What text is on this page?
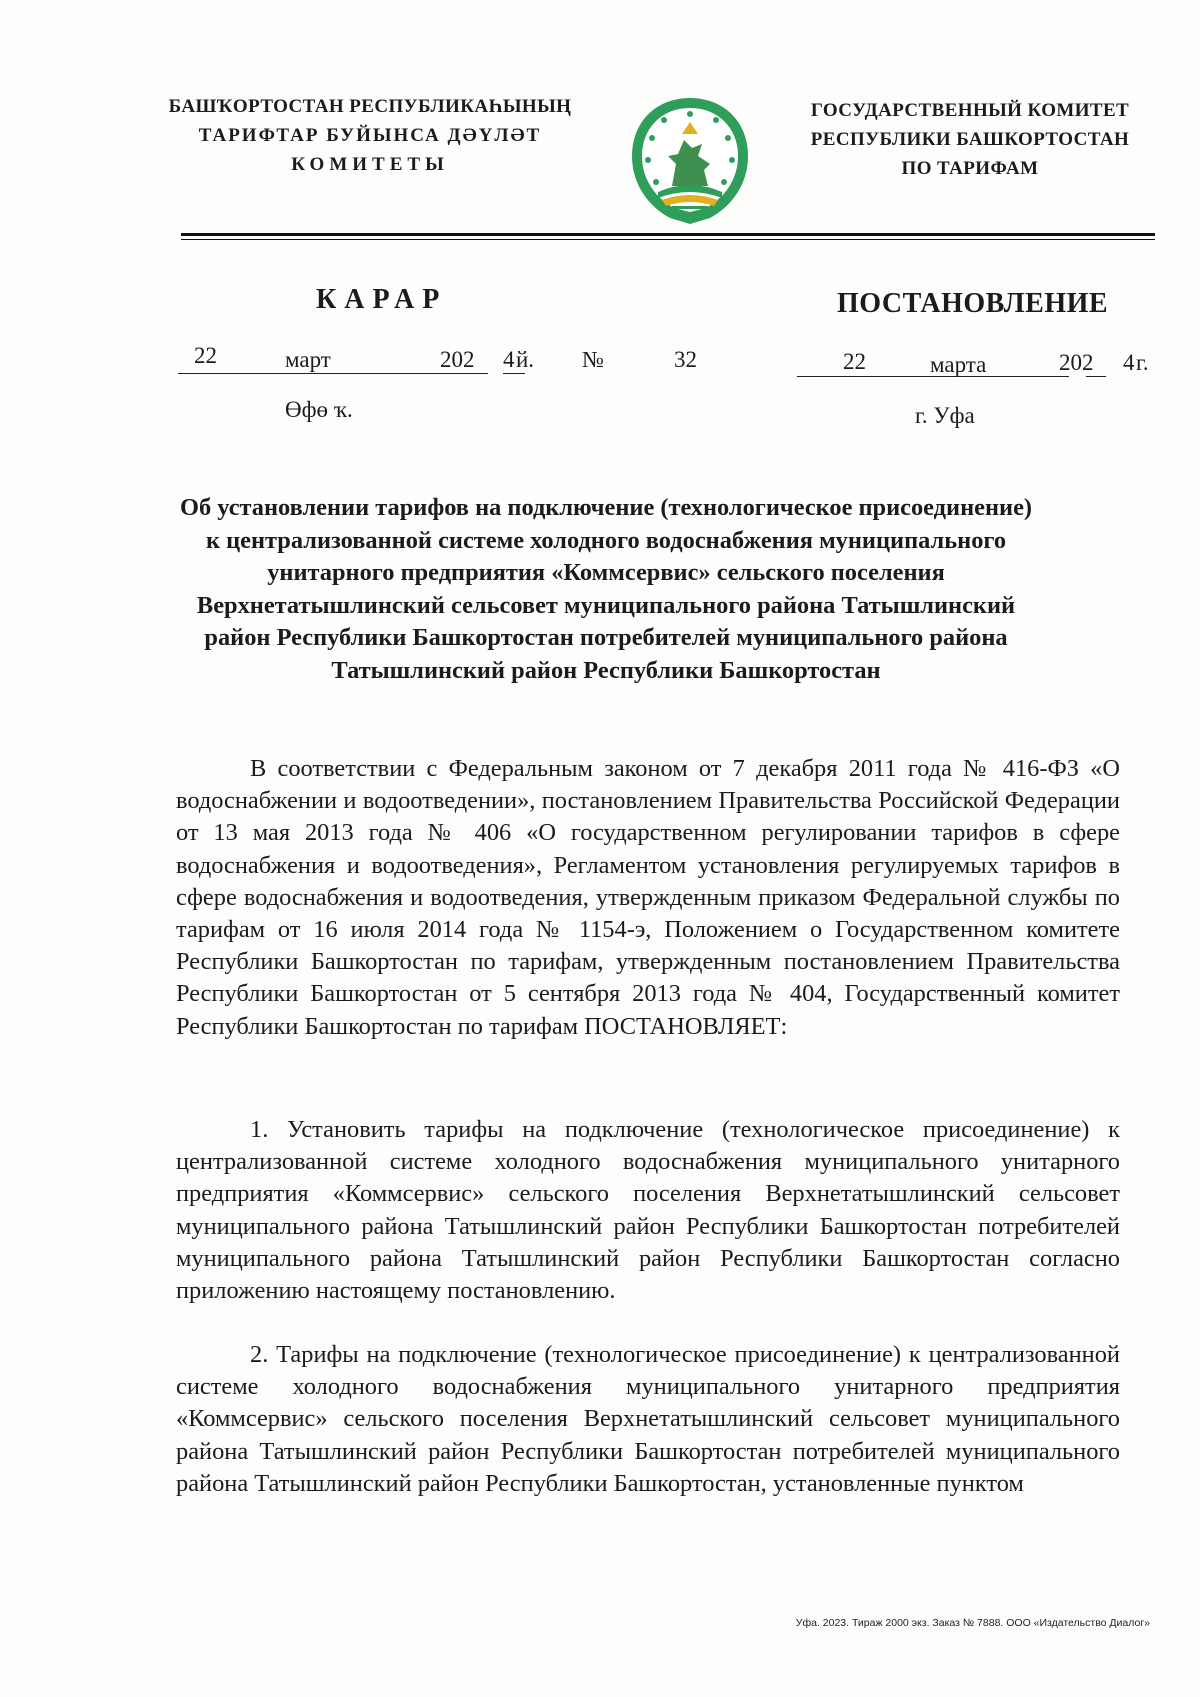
БАШҠОРТОСТАН РЕСПУБЛИКАҺЫНЫҢ
ТАРИФТАР БУЙЫНСА ДӘҮЛӘТ
КОМИТЕТЫ
ГОСУДАРСТВЕННЫЙ КОМИТЕТ
РЕСПУБЛИКИ БАШКОРТОСТАН
ПО ТАРИФАМ
КАРАР	ПОСТАНОВЛЕНИЕ
22	март	202 4 й. №	32	22	марта	202 4 г.
Өфө ҡ.	г. Уфа
Об установлении тарифов на подключение (технологическое присоединение) к централизованной системе холодного водоснабжения муниципального унитарного предприятия «Коммсервис» сельского поселения Верхнетатышлинский сельсовет муниципального района Татышлинский район Республики Башкортостан потребителей муниципального района Татышлинский район Республики Башкортостан

В соответствии с Федеральным законом от 7 декабря 2011 года № 416-ФЗ «О водоснабжении и водоотведении», постановлением Правительства Российской Федерации от 13 мая 2013 года № 406 «О государственном регулировании тарифов в сфере водоснабжения и водоотведения», Регламентом установления регулируемых тарифов в сфере водоснабжения и водоотведения, утвержденным приказом Федеральной службы по тарифам от 16 июля 2014 года № 1154-э, Положением о Государственном комитете Республики Башкортостан по тарифам, утвержденным постановлением Правительства Республики Башкортостан от 5 сентября 2013 года № 404, Государственный комитет Республики Башкортостан по тарифам ПОСТАНОВЛЯЕТ:

1. Установить тарифы на подключение (технологическое присоединение) к централизованной системе холодного водоснабжения муниципального унитарного предприятия «Коммсервис» сельского поселения Верхнетатышлинский сельсовет муниципального района Татышлинский район Республики Башкортостан потребителей муниципального района Татышлинский район Республики Башкортостан согласно приложению настоящему постановлению.

2. Тарифы на подключение (технологическое присоединение) к централизованной системе холодного водоснабжения муниципального унитарного предприятия «Коммсервис» сельского поселения Верхнетатышлинский сельсовет муниципального района Татышлинский район Республики Башкортостан потребителей муниципального района Татышлинский район Республики Башкортостан, установленные пунктом

Уфа. 2023. Тираж 2000 экз. Заказ № 7888. ООО «Издательство Диалог»
